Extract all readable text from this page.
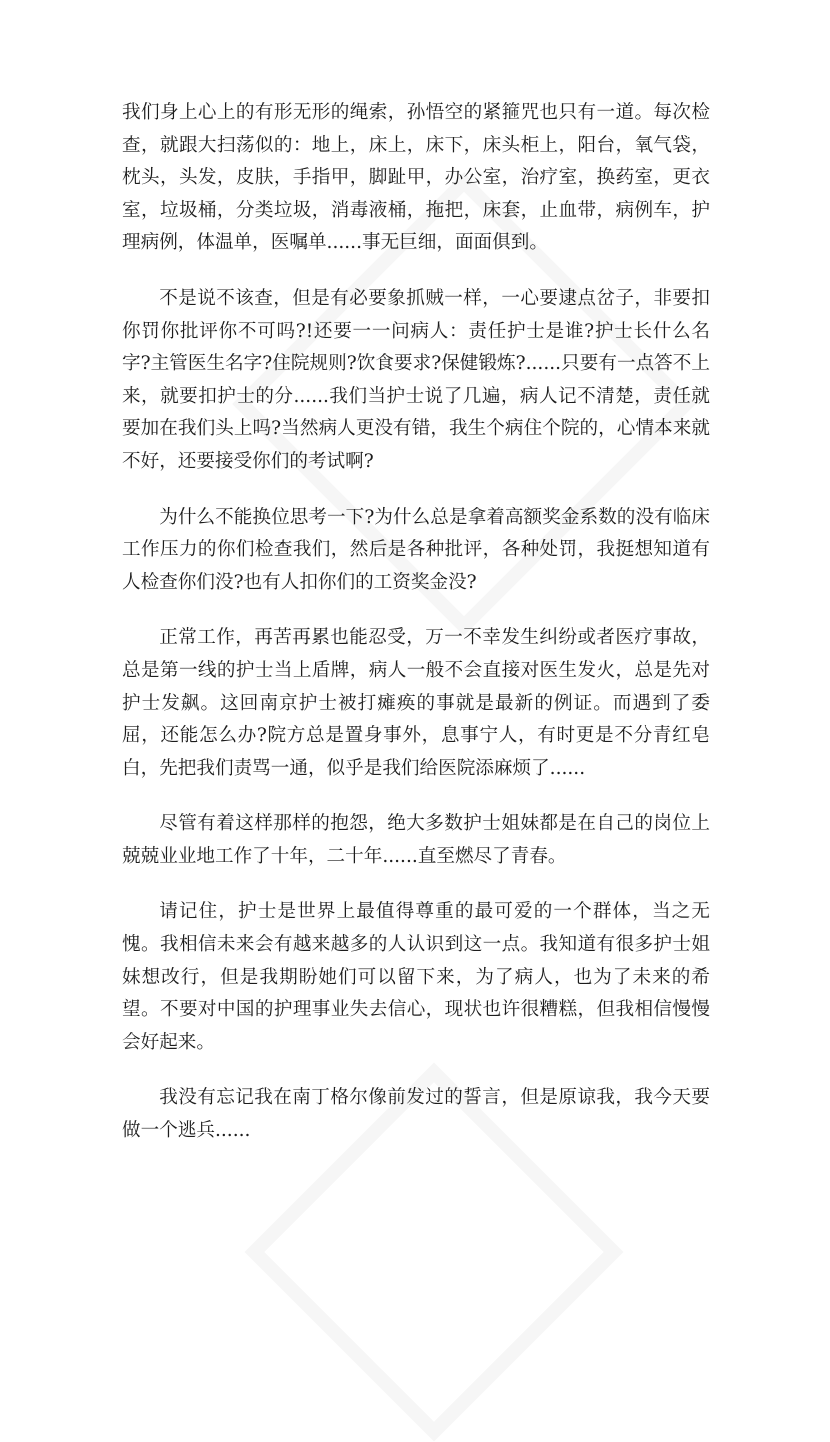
我们身上心上的有形无形的绳索，孙悟空的紧箍咒也只有一道。每次检查，就跟大扫荡似的：地上，床上，床下，床头柜上，阳台，氧气袋，枕头，头发，皮肤，手指甲，脚趾甲，办公室，治疗室，换药室，更衣室，垃圾桶，分类垃圾，消毒液桶，拖把，床套，止血带，病例车，护理病例，体温单，医嘱单......事无巨细，面面俱到。

不是说不该查，但是有必要象抓贼一样，一心要逮点岔子，非要扣你罚你批评你不可吗?!还要一一问病人：责任护士是谁?护士长什么名字?主管医生名字?住院规则?饮食要求?保健锻炼?......只要有一点答不上来，就要扣护士的分......我们当护士说了几遍，病人记不清楚，责任就要加在我们头上吗?当然病人更没有错，我生个病住个院的，心情本来就不好，还要接受你们的考试啊?

为什么不能换位思考一下?为什么总是拿着高额奖金系数的没有临床工作压力的你们检查我们，然后是各种批评，各种处罚，我挺想知道有人检查你们没?也有人扣你们的工资奖金没?

正常工作，再苦再累也能忍受，万一不幸发生纠纷或者医疗事故，总是第一线的护士当上盾牌，病人一般不会直接对医生发火，总是先对护士发飙。这回南京护士被打瘫痪的事就是最新的例证。而遇到了委屈，还能怎么办?院方总是置身事外，息事宁人，有时更是不分青红皂白，先把我们责骂一通，似乎是我们给医院添麻烦了......

尽管有着这样那样的抱怨，绝大多数护士姐妹都是在自己的岗位上兢兢业业地工作了十年，二十年......直至燃尽了青春。

请记住，护士是世界上最值得尊重的最可爱的一个群体，当之无愧。我相信未来会有越来越多的人认识到这一点。我知道有很多护士姐妹想改行，但是我期盼她们可以留下来，为了病人，也为了未来的希望。不要对中国的护理事业失去信心，现状也许很糟糕，但我相信慢慢会好起来。

我没有忘记我在南丁格尔像前发过的誓言，但是原谅我，我今天要做一个逃兵......
